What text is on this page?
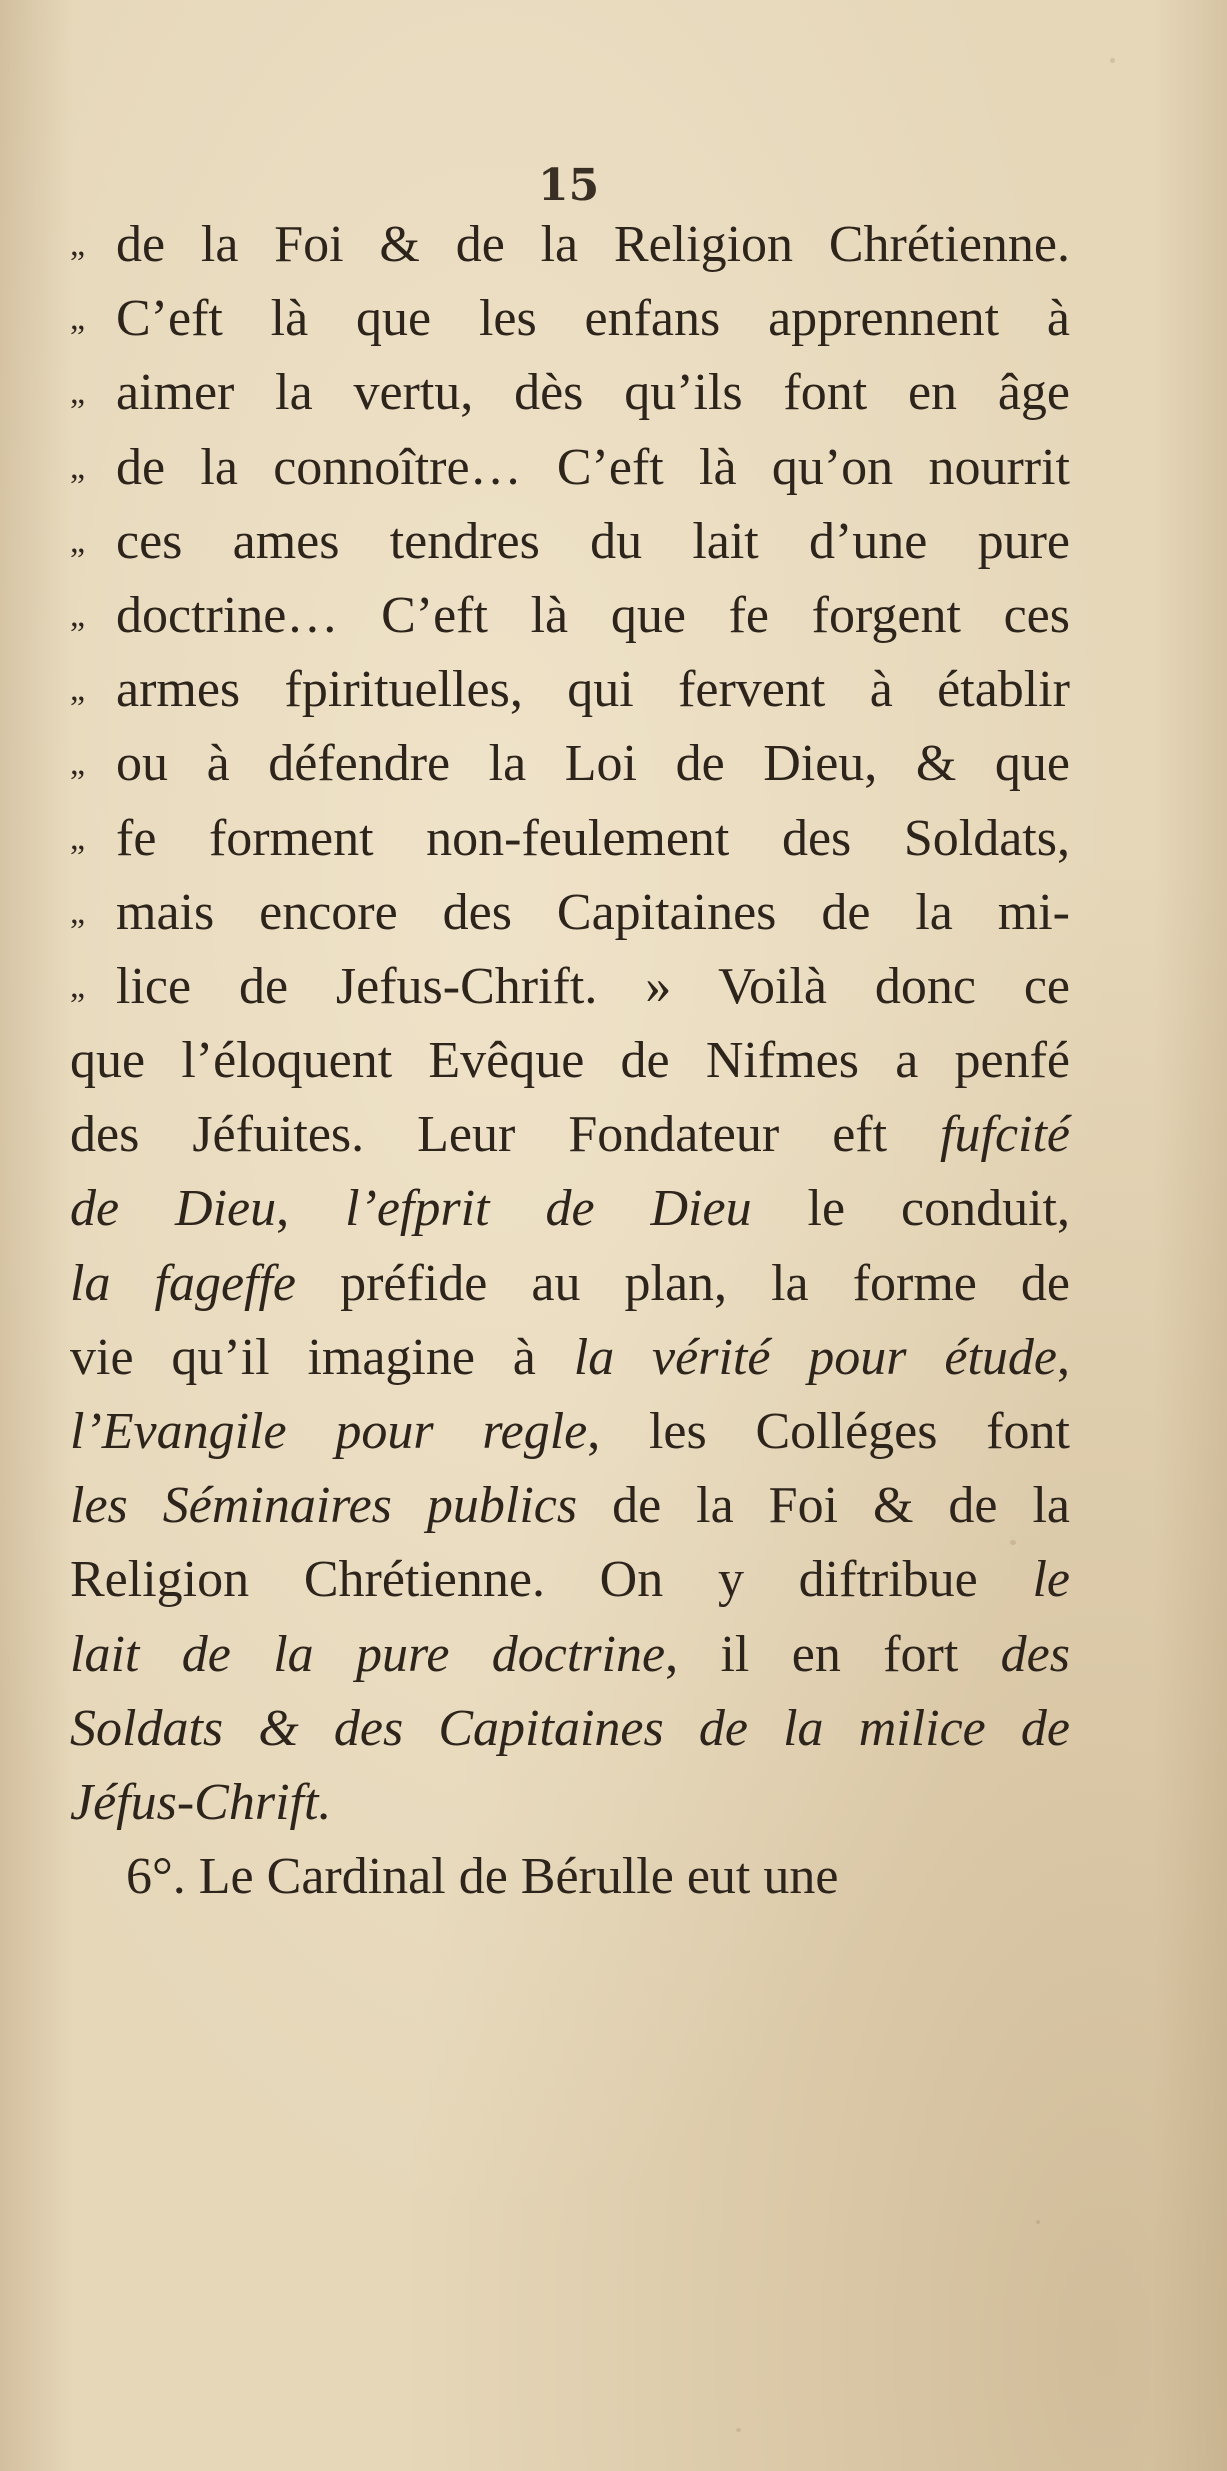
15
„ de la Foi & de la Religion Chrétienne.
„ C’eft là que les enfans apprennent à
„ aimer la vertu, dès qu’ils font en âge
„ de la connoître… C’eft là qu’on nourrit
„ ces ames tendres du lait d’une pure
„ doctrine… C’eft là que fe forgent ces
„ armes fpirituelles, qui fervent à établir
„ ou à défendre la Loi de Dieu, & que
„ fe forment non-feulement des Soldats,
„ mais encore des Capitaines de la mi-
„ lice de Jefus-Chrift. » Voilà donc ce
que l’éloquent Evêque de Nifmes a penfé
des Jéfuites. Leur Fondateur eft fufcité
de Dieu, l’efprit de Dieu le conduit,
la fageffe préfide au plan, la forme de
vie qu’il imagine à la vérité pour étude,
l’Evangile pour regle, les Colléges font
les Séminaires publics de la Foi & de la
Religion Chrétienne. On y diftribue le
lait de la pure doctrine, il en fort des
Soldats & des Capitaines de la milice de
Jéfus-Chrift.
6°. Le Cardinal de Bérulle eut une
